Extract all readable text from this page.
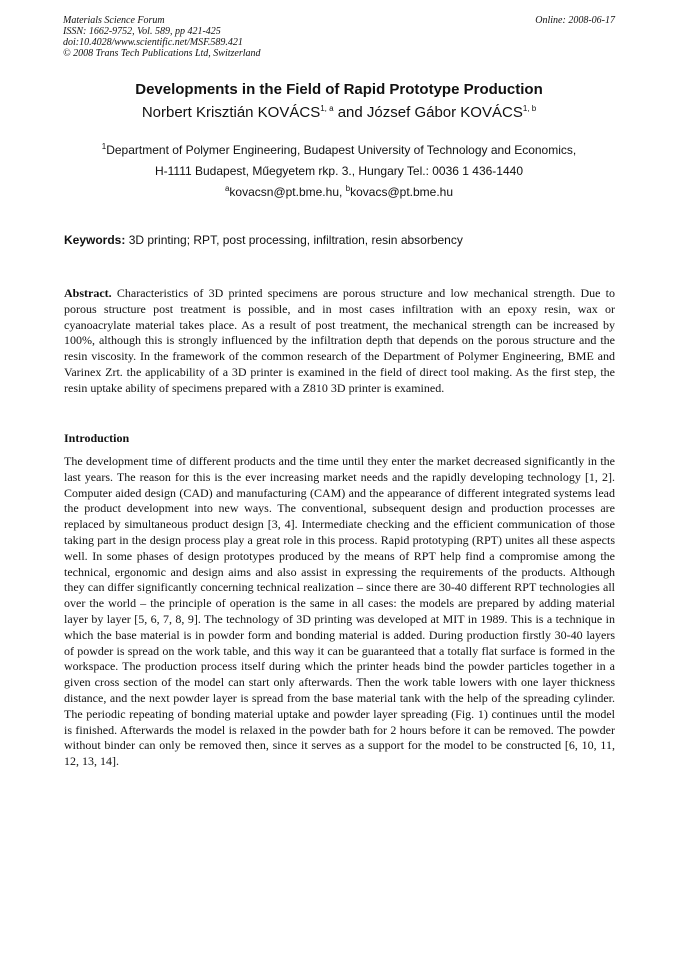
Materials Science Forum
ISSN: 1662-9752, Vol. 589, pp 421-425
doi:10.4028/www.scientific.net/MSF.589.421
© 2008 Trans Tech Publications Ltd, Switzerland
Online: 2008-06-17
Developments in the Field of Rapid Prototype Production
Norbert Krisztián KOVÁCS$^{1, a}$ and József Gábor KOVÁCS$^{1, b}$
$^1$Department of Polymer Engineering, Budapest University of Technology and Economics,
H-1111 Budapest, Műegyetem rkp. 3., Hungary Tel.: 0036 1 436-1440
$^a$kovacsn@pt.bme.hu, $^b$kovacs@pt.bme.hu
Keywords: 3D printing; RPT, post processing, infiltration, resin absorbency
Abstract. Characteristics of 3D printed specimens are porous structure and low mechanical strength. Due to porous structure post treatment is possible, and in most cases infiltration with an epoxy resin, wax or cyanoacrylate material takes place. As a result of post treatment, the mechanical strength can be increased by 100%, although this is strongly influenced by the infiltration depth that depends on the porous structure and the resin viscosity. In the framework of the common research of the Department of Polymer Engineering, BME and Varinex Zrt. the applicability of a 3D printer is examined in the field of direct tool making. As the first step, the resin uptake ability of specimens prepared with a Z810 3D printer is examined.
Introduction
The development time of different products and the time until they enter the market decreased significantly in the last years. The reason for this is the ever increasing market needs and the rapidly developing technology [1, 2]. Computer aided design (CAD) and manufacturing (CAM) and the appearance of different integrated systems lead the product development into new ways. The conventional, subsequent design and production processes are replaced by simultaneous product design [3, 4]. Intermediate checking and the efficient communication of those taking part in the design process play a great role in this process. Rapid prototyping (RPT) unites all these aspects well. In some phases of design prototypes produced by the means of RPT help find a compromise among the technical, ergonomic and design aims and also assist in expressing the requirements of the products. Although they can differ significantly concerning technical realization – since there are 30-40 different RPT technologies all over the world – the principle of operation is the same in all cases: the models are prepared by adding material layer by layer [5, 6, 7, 8, 9]. The technology of 3D printing was developed at MIT in 1989. This is a technique in which the base material is in powder form and bonding material is added. During production firstly 30-40 layers of powder is spread on the work table, and this way it can be guaranteed that a totally flat surface is formed in the workspace. The production process itself during which the printer heads bind the powder particles together in a given cross section of the model can start only afterwards. Then the work table lowers with one layer thickness distance, and the next powder layer is spread from the base material tank with the help of the spreading cylinder. The periodic repeating of bonding material uptake and powder layer spreading (Fig. 1) continues until the model is finished. Afterwards the model is relaxed in the powder bath for 2 hours before it can be removed. The powder without binder can only be removed then, since it serves as a support for the model to be constructed [6, 10, 11, 12, 13, 14].
